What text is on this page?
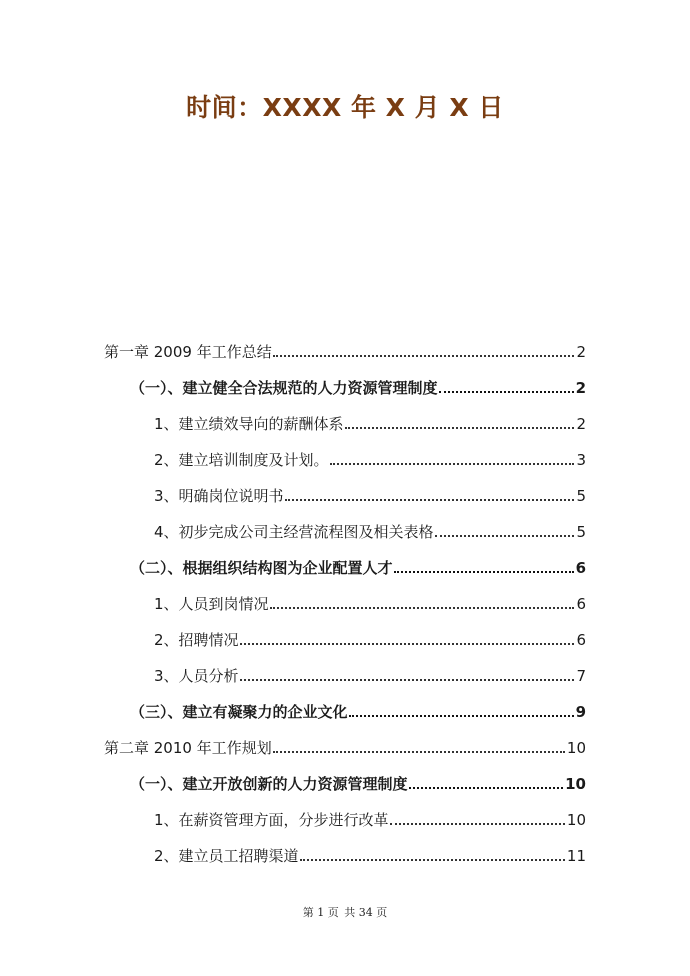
时间：XXXX 年 X 月 X 日
第一章 2009 年工作总结	2
（一）、建立健全合法规范的人力资源管理制度	2
1、建立绩效导向的薪酬体系	2
2、建立培训制度及计划。	3
3、明确岗位说明书	5
4、初步完成公司主经营流程图及相关表格	5
（二）、根据组织结构图为企业配置人才	6
1、人员到岗情况	6
2、招聘情况	6
3、人员分析	7
（三）、建立有凝聚力的企业文化	9
第二章 2010 年工作规划	10
（一）、建立开放创新的人力资源管理制度	10
1、在薪资管理方面，分步进行改革	10
2、建立员工招聘渠道	11
第 1 页 共 34 页
